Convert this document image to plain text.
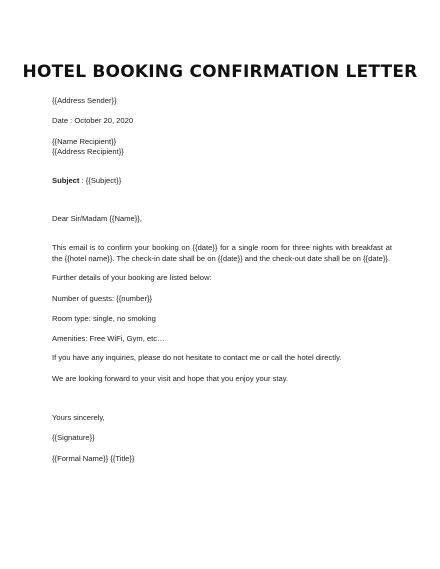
HOTEL BOOKING CONFIRMATION LETTER
{{Address Sender}}
Date : October 20, 2020
{{Name Recipient}}
{{Address Recipient}}
Subject : {{Subject}}
Dear Sir/Madam {{Name}},
This email is to confirm your booking on {{date}} for a single room for three nights with breakfast at the {{hotel name}}. The check-in date shall be on {{date}} and the check-out date shall be on {{date}}.
Further details of your booking are listed below:
Number of guests: {{number}}
Room type: single, no smoking
Amenities: Free WiFi, Gym, etc…
If you have any inquiries, please do not hesitate to contact me or call the hotel directly.
We are looking forward to your visit and hope that you enjoy your stay.
Yours sincerely,
{{Signature}}
{{Formal Name}} {{Title}}
